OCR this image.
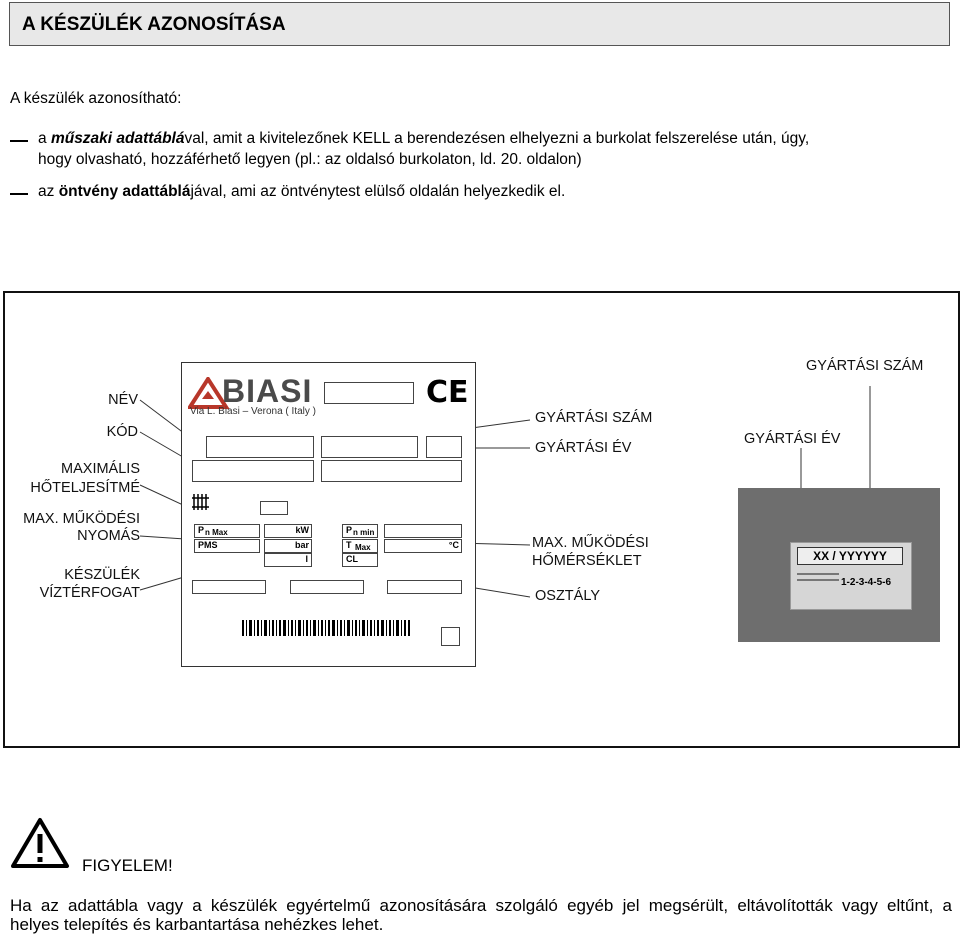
A KÉSZÜLÉK AZONOSÍTÁSA
A készülék azonosítható:
a műszaki adattáblával, amit a kivitelezőnek KELL a berendezésen elhelyezni a burkolat felszerelése után, úgy,
hogy olvasható, hozzáférhető legyen (pl.: az oldalsó burkolaton, ld. 20. oldalon)
az öntvény adattáblájával, ami az öntvénytest elülső oldalán helyezkedik el.
BIASI
Via L. Biasi – Verona ( Italy )
CE
P n Max	kW	P n min
PMS	bar	T Max	°C
l	CL
NÉV
KÓD
MAXIMÁLIS
HŐTELJESÍTMÉ
MAX. MŰKÖDÉSI
NYOMÁS
KÉSZÜLÉK
VÍZTÉRFOGAT
GYÁRTÁSI SZÁM
GYÁRTÁSI ÉV
MAX. MŰKÖDÉSI
HŐMÉRSÉKLET
OSZTÁLY
XX / YYYYYY
1-2-3-4-5-6
GYÁRTÁSI SZÁM
GYÁRTÁSI ÉV
FIGYELEM!
Ha az adattábla vagy a készülék egyértelmű azonosítására szolgáló egyéb jel megsérült, eltávolították vagy eltűnt, a
helyes telepítés és karbantartása nehézkes lehet.
